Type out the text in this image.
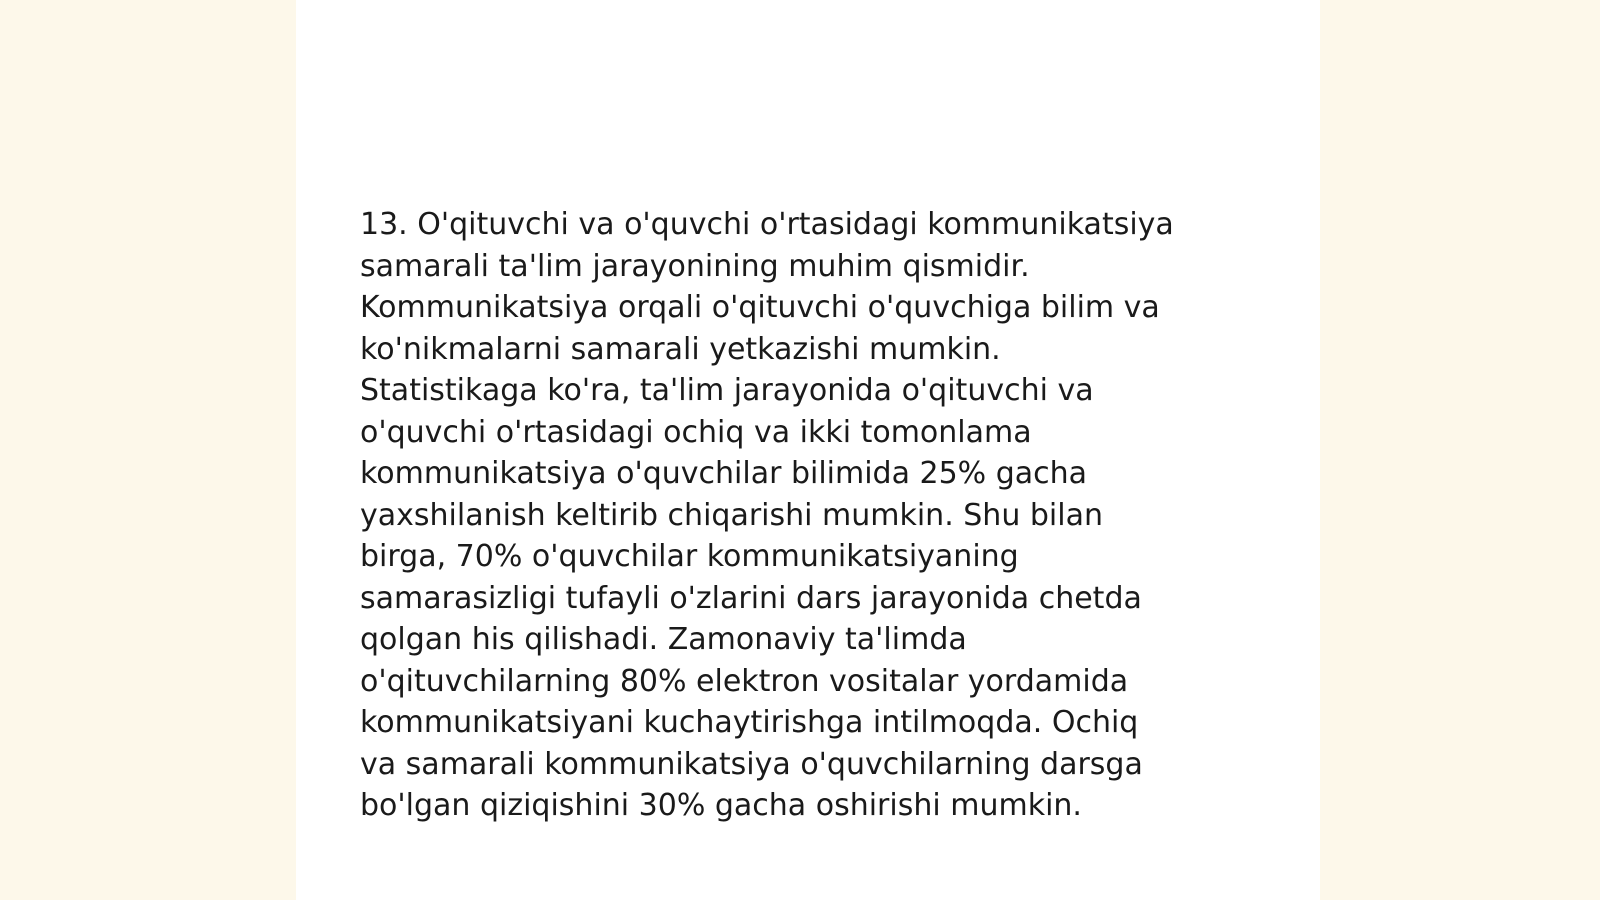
13. O'qituvchi va o'quvchi o'rtasidagi kommunikatsiya
samarali ta'lim jarayonining muhim qismidir.
Kommunikatsiya orqali o'qituvchi o'quvchiga bilim va
ko'nikmalarni samarali yetkazishi mumkin.
Statistikaga ko'ra, ta'lim jarayonida o'qituvchi va
o'quvchi o'rtasidagi ochiq va ikki tomonlama
kommunikatsiya o'quvchilar bilimida 25% gacha
yaxshilanish keltirib chiqarishi mumkin. Shu bilan
birga, 70% o'quvchilar kommunikatsiyaning
samarasizligi tufayli o'zlarini dars jarayonida chetda
qolgan his qilishadi. Zamonaviy ta'limda
o'qituvchilarning 80% elektron vositalar yordamida
kommunikatsiyani kuchaytirishga intilmoqda. Ochiq
va samarali kommunikatsiya o'quvchilarning darsga
bo'lgan qiziqishini 30% gacha oshirishi mumkin.
